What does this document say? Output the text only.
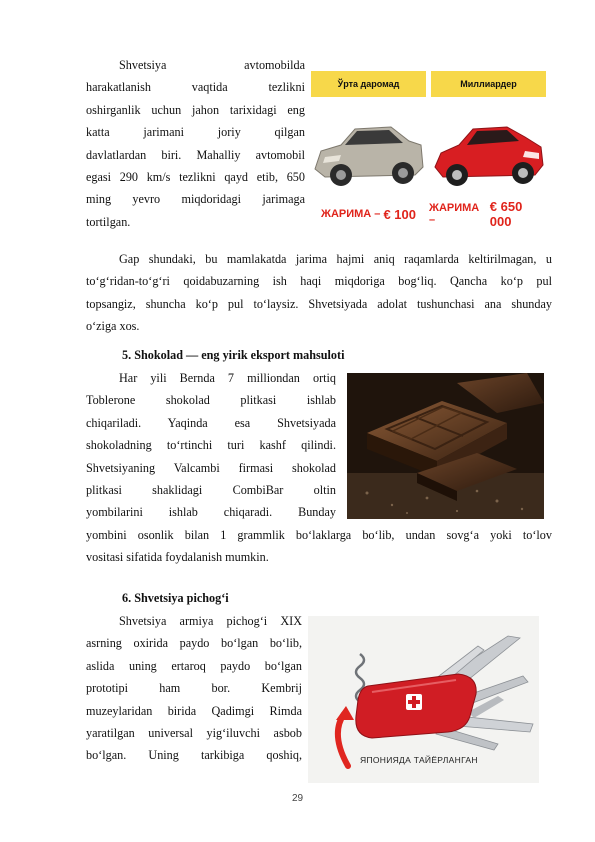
Shvetsiya avtomobilda
harakatlanish vaqtida tezlikni
oshirganlik uchun jahon tarixidagi eng
katta jarimani joriy qilgan
davlatlardan biri. Mahalliy avtomobil
egasi 290 km/s tezlikni qayd etib, 650
ming yevro miqdoridagi jarimaga
tortilgan.
Ўрта даромад	Миллиардер
ЖАРИМА – € 100 ЖАРИМА –
€ 650 000
Gap shundaki, bu mamlakatda jarima hajmi aniq raqamlarda keltirilmagan, u
to‘g‘ridan-to‘g‘ri qoidabuzarning ish haqi miqdoriga bog‘liq. Qancha ko‘p pul
topsangiz, shuncha ko‘p pul to‘laysiz. Shvetsiyada adolat tushunchasi ana shunday
o‘ziga xos.
5. Shokolad — eng yirik eksport mahsuloti
Har yili Bernda 7 milliondan ortiq
Toblerone shokolad plitkasi ishlab
chiqariladi. Yaqinda esa Shvetsiyada
shokoladning to‘rtinchi turi kashf qilindi.
Shvetsiyaning Valcambi firmasi shokolad
plitkasi shaklidagi CombiBar oltin
yombilarini ishlab chiqaradi. Bunday
yombini osonlik bilan 1 grammlik bo‘laklarga bo‘lib, undan sovg‘a yoki to‘lov
vositasi sifatida foydalanish mumkin.
6. Shvetsiya pichog‘i
Shvetsiya armiya pichog‘i XIX
asrning oxirida paydo bo‘lgan bo‘lib,
aslida uning ertaroq paydo bo‘lgan
prototipi ham bor. Kembrij
muzeylaridan birida Qadimgi Rimda
yaratilgan universal yig‘iluvchi asbob
bo‘lgan. Uning tarkibiga qoshiq,	ЯПОНИЯДА ТАЙЁРЛАНГАН
29
